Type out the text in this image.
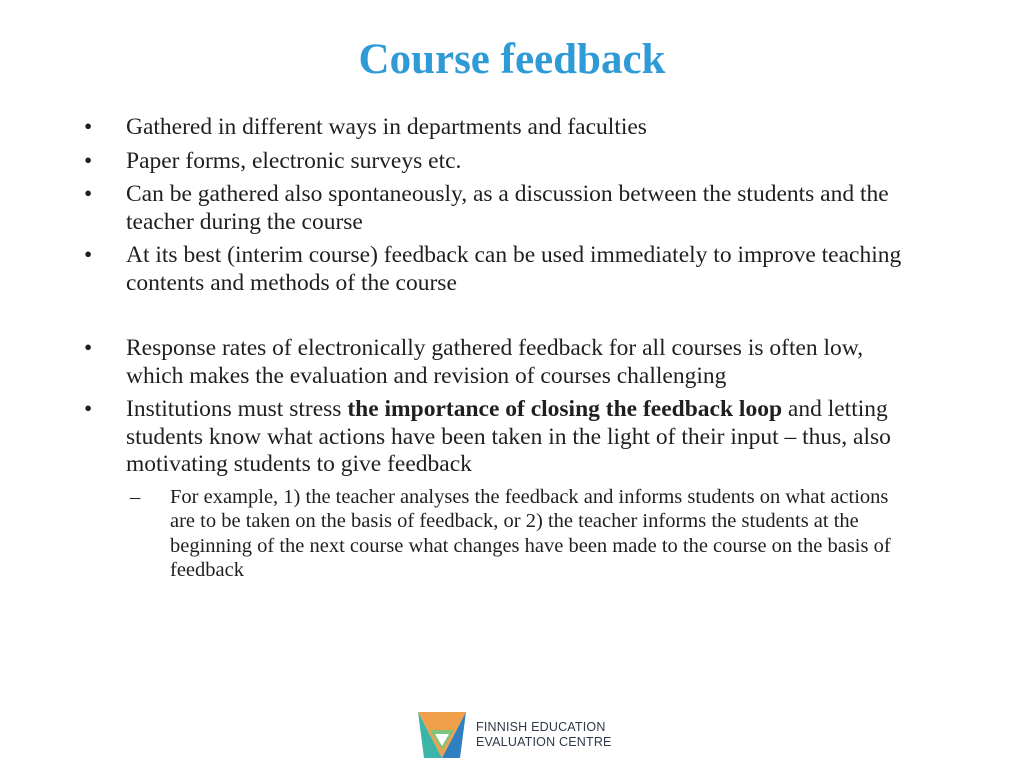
Course feedback
•	Gathered in different ways in departments and faculties
•	Paper forms, electronic surveys etc.
•	Can be gathered also spontaneously, as a discussion between the students and the teacher during the course
•	At its best (interim course) feedback can be used immediately to improve teaching contents and methods of the course
•	Response rates of electronically gathered feedback for all courses is often low, which makes the evaluation and revision of courses challenging
•	Institutions must stress the importance of closing the feedback loop and letting students know what actions have been taken in the light of their input – thus, also motivating students to give feedback
– For example, 1) the teacher analyses the feedback and informs students on what actions are to be taken on the basis of feedback, or 2) the teacher informs the students at the beginning of the next course what changes have been made to the course on the basis of feedback
FINNISH EDUCATION
EVALUATION CENTRE
